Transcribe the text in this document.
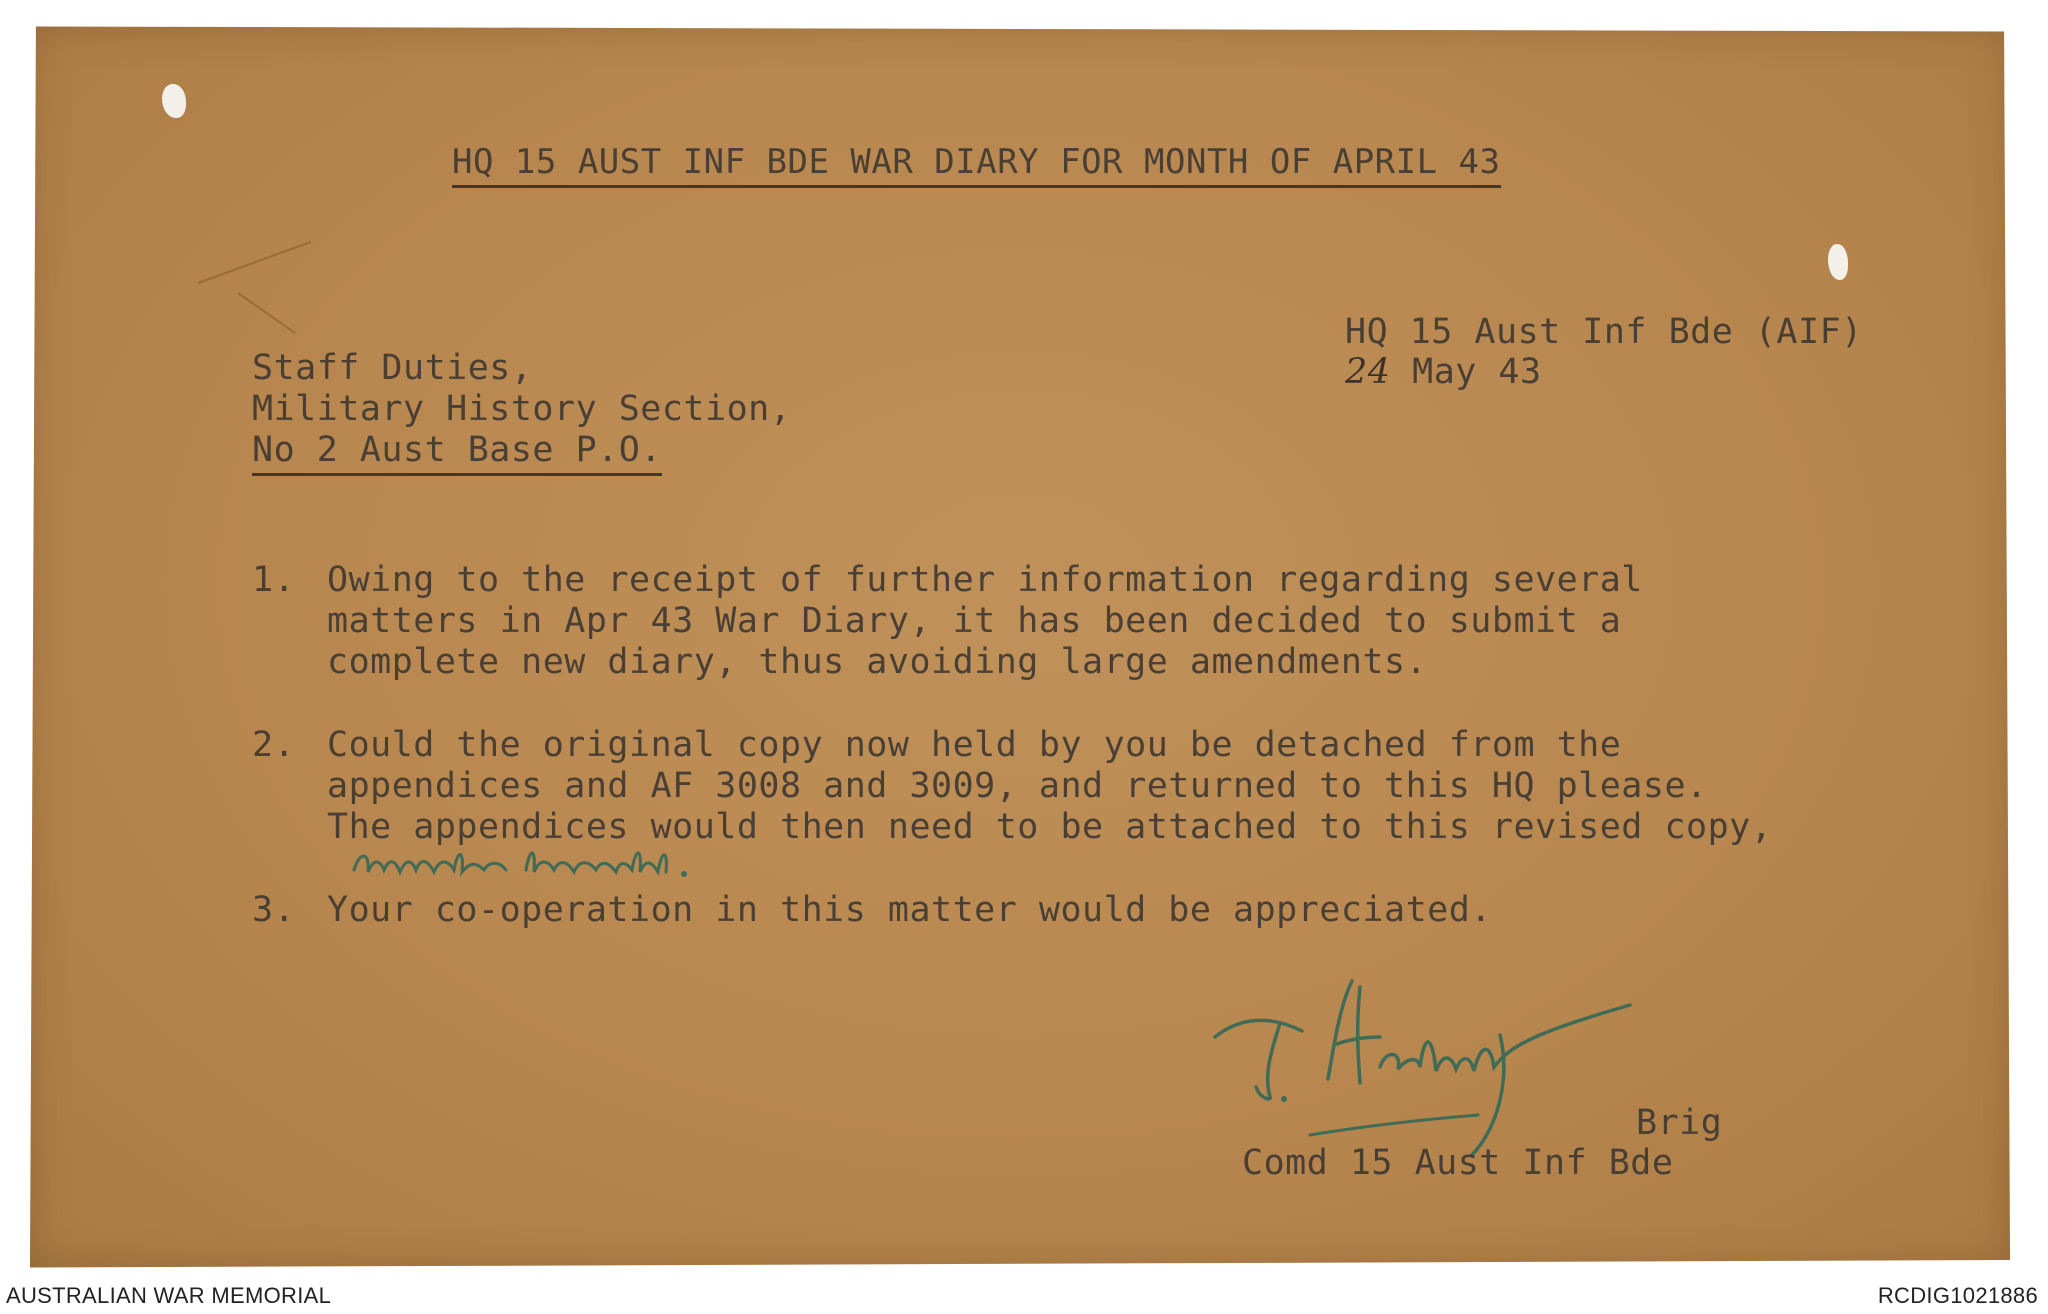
HQ 15 AUST INF BDE WAR DIARY FOR MONTH OF APRIL 43
HQ 15 Aust Inf Bde (AIF)
24 May 43
Staff Duties,
Military History Section,
No 2 Aust Base P.O.
1. Owing to the receipt of further information regarding several
matters in Apr 43 War Diary, it has been decided to submit a
complete new diary, thus avoiding large amendments.
2. Could the original copy now held by you be detached from the
appendices and AF 3008 and 3009, and returned to this HQ please.
The appendices would then need to be attached to this revised copy,
3. Your co-operation in this matter would be appreciated.
Brig
Comd 15 Aust Inf Bde
AUSTRALIAN WAR MEMORIAL	RCDIG1021886
